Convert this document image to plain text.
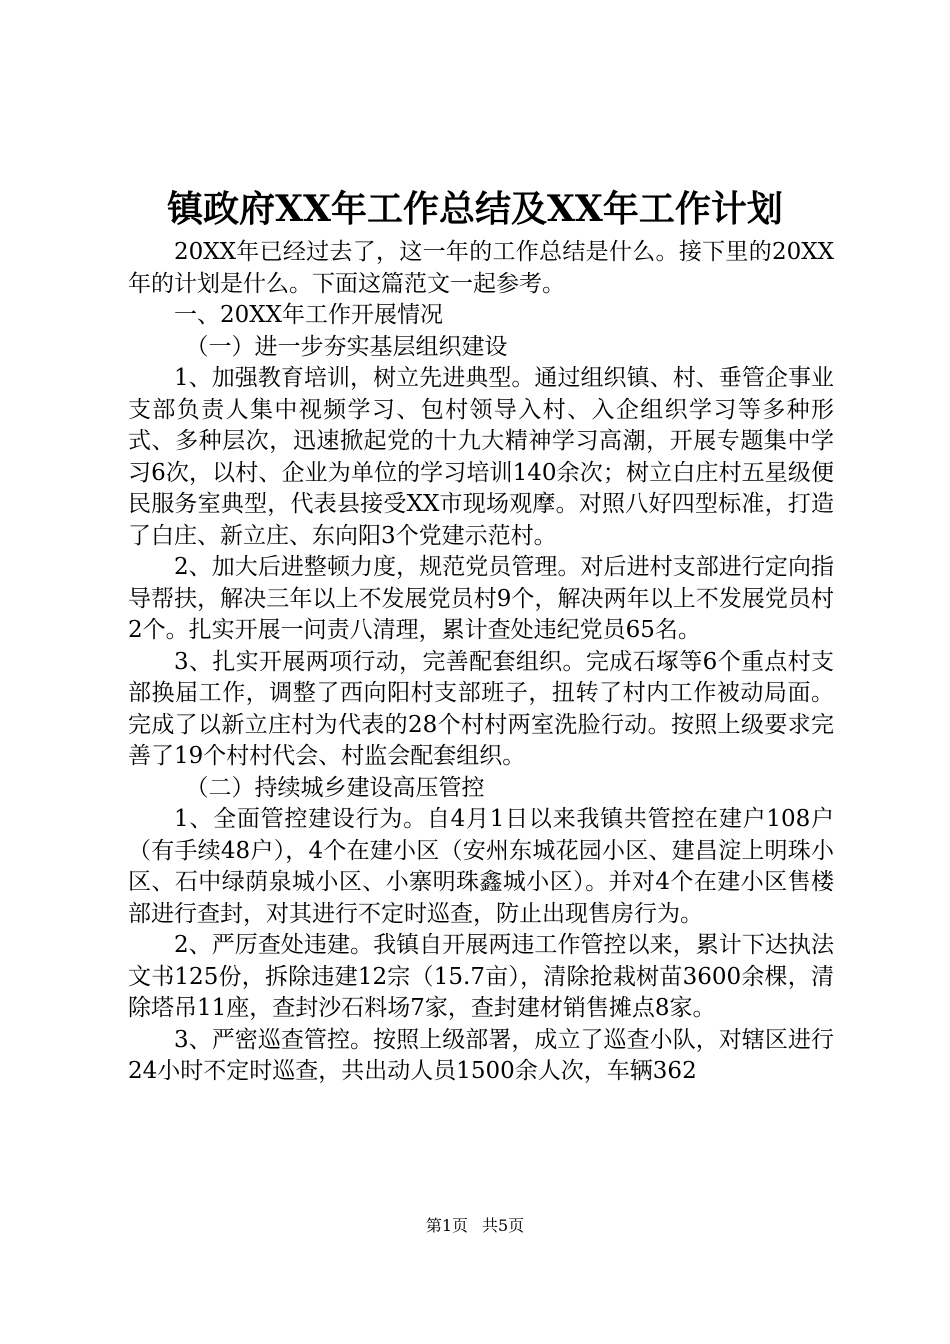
镇政府XX年工作总结及XX年工作计划

20XX年已经过去了，这一年的工作总结是什么。接下里的20XX年的计划是什么。下面这篇范文一起参考。

一、20XX年工作开展情况

（一）进一步夯实基层组织建设

1、加强教育培训，树立先进典型。通过组织镇、村、垂管企事业支部负责人集中视频学习、包村领导入村、入企组织学习等多种形式、多种层次，迅速掀起党的十九大精神学习高潮，开展专题集中学习6次，以村、企业为单位的学习培训140余次；树立白庄村五星级便民服务室典型，代表县接受XX市现场观摩。对照八好四型标准，打造了白庄、新立庄、东向阳3个党建示范村。

2、加大后进整顿力度，规范党员管理。对后进村支部进行定向指导帮扶，解决三年以上不发展党员村9个，解决两年以上不发展党员村2个。扎实开展一问责八清理，累计查处违纪党员65名。

3、扎实开展两项行动，完善配套组织。完成石塚等6个重点村支部换届工作，调整了西向阳村支部班子，扭转了村内工作被动局面。完成了以新立庄村为代表的28个村村两室洗脸行动。按照上级要求完善了19个村村代会、村监会配套组织。

（二）持续城乡建设高压管控

1、全面管控建设行为。自4月1日以来我镇共管控在建户108户（有手续48户），4个在建小区（安州东城花园小区、建昌淀上明珠小区、石中绿荫泉城小区、小寨明珠鑫城小区）。并对4个在建小区售楼部进行查封，对其进行不定时巡查，防止出现售房行为。

2、严厉查处违建。我镇自开展两违工作管控以来，累计下达执法文书125份，拆除违建12宗（15.7亩），清除抢栽树苗3600余棵，清除塔吊11座，查封沙石料场7家，查封建材销售摊点8家。

3、严密巡查管控。按照上级部署，成立了巡查小队，对辖区进行24小时不定时巡查，共出动人员1500余人次，车辆362

第1页 共5页
